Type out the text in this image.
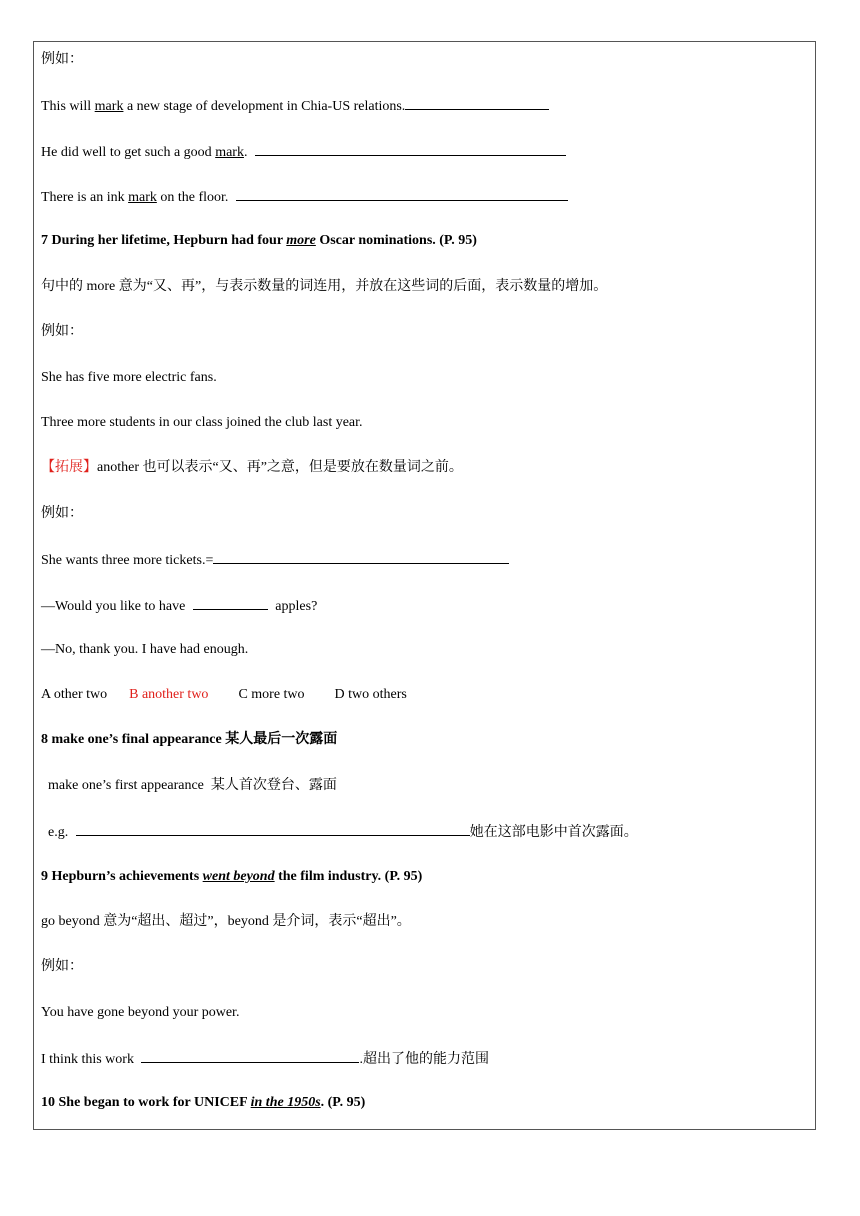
例如：
This will mark a new stage of development in Chia-US relations.
He did well to get such a good mark.
There is an ink mark on the floor.
7 During her lifetime, Hepburn had four more Oscar nominations. (P. 95)
句中的 more 意为“又、再”，与表示数量的词连用，并放在这些词的后面，表示数量的增加。
例如：
She has five more electric fans.
Three more students in our class joined the club last year.
【拓展】another 也可以表示“又、再”之意，但是要放在数量词之前。
例如：
She wants three more tickets.=
—Would you like to have	apples?
—No, thank you. I have had enough.
A other two B another two C more two D two others
8 make one’s final appearance 某人最后一次露面
make one’s first appearance  某人首次登台、露面
e.g.	她在这部电影中首次露面。
9 Hepburn’s achievements went beyond the film industry. (P. 95)
go beyond 意为“超出、超过”，beyond 是介词，表示“超出”。
例如：
You have gone beyond your power.
I think this work	.超出了他的能力范围
10 She began to work for UNICEF in the 1950s. (P. 95)
